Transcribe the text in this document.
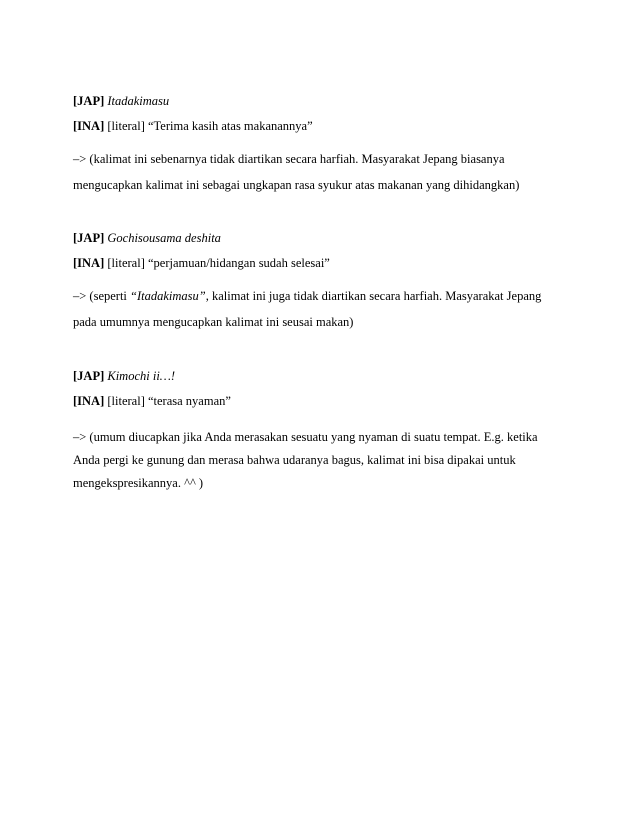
[JAP] Itadakimasu
[INA] [literal] “Terima kasih atas makanannya”
–> (kalimat ini sebenarnya tidak diartikan secara harfiah. Masyarakat Jepang biasanya
mengucapkan kalimat ini sebagai ungkapan rasa syukur atas makanan yang dihidangkan)
[JAP] Gochisousama deshita
[INA] [literal] “perjamuan/hidangan sudah selesai”
–> (seperti “Itadakimasu”, kalimat ini juga tidak diartikan secara harfiah. Masyarakat Jepang
pada umumnya mengucapkan kalimat ini seusai makan)
[JAP] Kimochi ii…!
[INA] [literal] “terasa nyaman”
–> (umum diucapkan jika Anda merasakan sesuatu yang nyaman di suatu tempat. E.g. ketika
Anda pergi ke gunung dan merasa bahwa udaranya bagus, kalimat ini bisa dipakai untuk
mengekspresikannya. ^^ )
